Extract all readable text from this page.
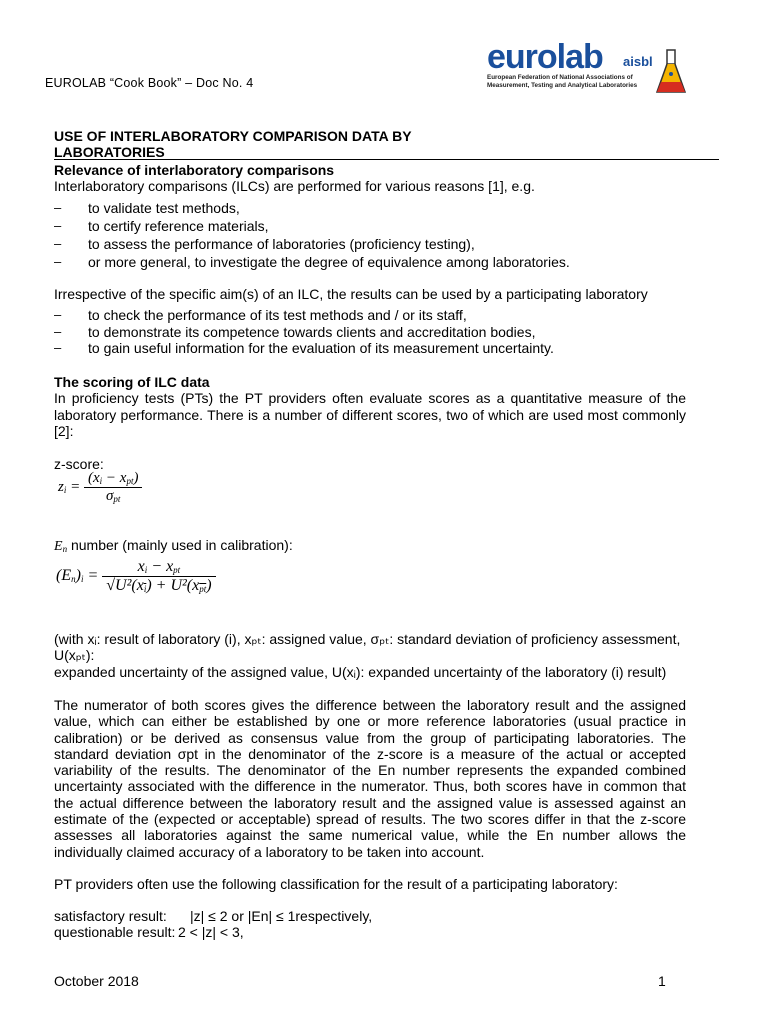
EUROLAB “Cook Book” – Doc No. 4
eurolab aisbl
European Federation of National Associations of Measurement, Testing and Analytical Laboratories
USE OF INTERLABORATORY COMPARISON DATA BY
LABORATORIES
Relevance of interlaboratory comparisons
Interlaboratory comparisons (ILCs) are performed for various reasons [1], e.g.
– to validate test methods,
– to certify reference materials,
– to assess the performance of laboratories (proficiency testing),
– or more general, to investigate the degree of equivalence among laboratories.
Irrespective of the specific aim(s) of an ILC, the results can be used by a participating laboratory
– to check the performance of its test methods and / or its staff,
– to demonstrate its competence towards clients and accreditation bodies,
– to gain useful information for the evaluation of its measurement uncertainty.
The scoring of ILC data
In proficiency tests (PTs) the PT providers often evaluate scores as a quantitative measure of the laboratory performance. There is a number of different scores, two of which are used most commonly [2]:
z-score:
$z_i = \frac{(x_i - x_{pt})}{\sigma_{pt}}$
$E_n$ number (mainly used in calibration):
$(E_n)_i = \frac{x_i - x_{pt}}{√U^2(x_i) + U^2(x_{pt})}$
(with xᵢ: result of laboratory (i), xₚₜ: assigned value, σₚₜ: standard deviation of proficiency assessment, U(xₚₜ):
expanded uncertainty of the assigned value, U(xᵢ): expanded uncertainty of the laboratory (i) result)
The numerator of both scores gives the difference between the laboratory result and the assigned value, which can either be established by one or more reference laboratories (usual practice in calibration) or be derived as consensus value from the group of participating laboratories. The standard deviation σpt in the denominator of the z-score is a measure of the actual or accepted variability of the results. The denominator of the En number represents the expanded combined uncertainty associated with the difference in the numerator. Thus, both scores have in common that the actual difference between the laboratory result and the assigned value is assessed against an estimate of the (expected or acceptable) spread of results. The two scores differ in that the z-score assesses all laboratories against the same numerical value, while the En number allows the individually claimed accuracy of a laboratory to be taken into account.
PT providers often use the following classification for the result of a participating laboratory:
satisfactory result: |z| ≤ 2 or |En| ≤ 1respectively,
questionable result: 2 < |z| < 3,
October 2018	1
